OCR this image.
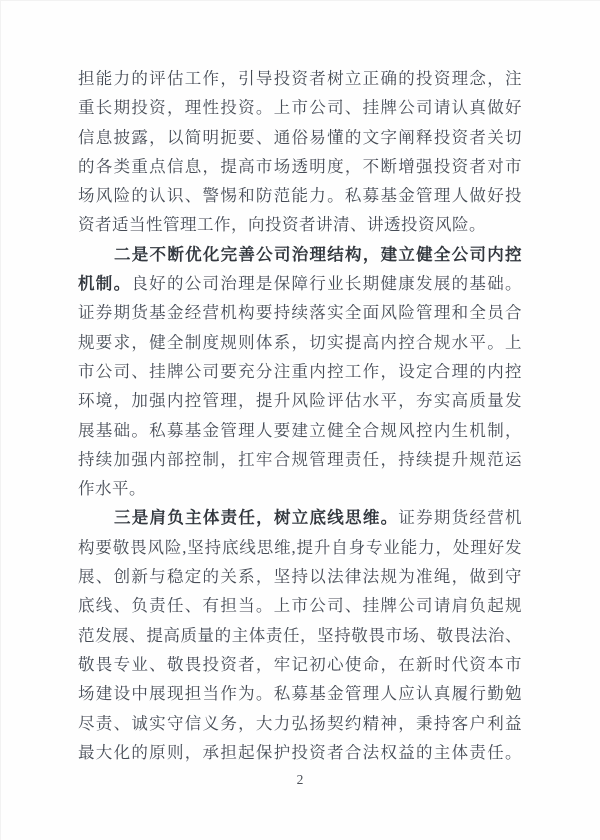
担能力的评估工作，引导投资者树立正确的投资理念，注
重长期投资，理性投资。上市公司、挂牌公司请认真做好
信息披露，以简明扼要、通俗易懂的文字阐释投资者关切
的各类重点信息，提高市场透明度，不断增强投资者对市
场风险的认识、警惕和防范能力。私募基金管理人做好投
资者适当性管理工作，向投资者讲清、讲透投资风险。
二是不断优化完善公司治理结构，建立健全公司内控
机制。良好的公司治理是保障行业长期健康发展的基础。
证券期货基金经营机构要持续落实全面风险管理和全员合
规要求，健全制度规则体系，切实提高内控合规水平。上
市公司、挂牌公司要充分注重内控工作，设定合理的内控
环境，加强内控管理，提升风险评估水平，夯实高质量发
展基础。私募基金管理人要建立健全合规风控内生机制，
持续加强内部控制，扛牢合规管理责任，持续提升规范运
作水平。
三是肩负主体责任，树立底线思维。证券期货经营机
构要敬畏风险,坚持底线思维,提升自身专业能力，处理好发
展、创新与稳定的关系，坚持以法律法规为准绳，做到守
底线、负责任、有担当。上市公司、挂牌公司请肩负起规
范发展、提高质量的主体责任，坚持敬畏市场、敬畏法治、
敬畏专业、敬畏投资者，牢记初心使命，在新时代资本市
场建设中展现担当作为。私募基金管理人应认真履行勤勉
尽责、诚实守信义务，大力弘扬契约精神，秉持客户利益
最大化的原则，承担起保护投资者合法权益的主体责任。
2
